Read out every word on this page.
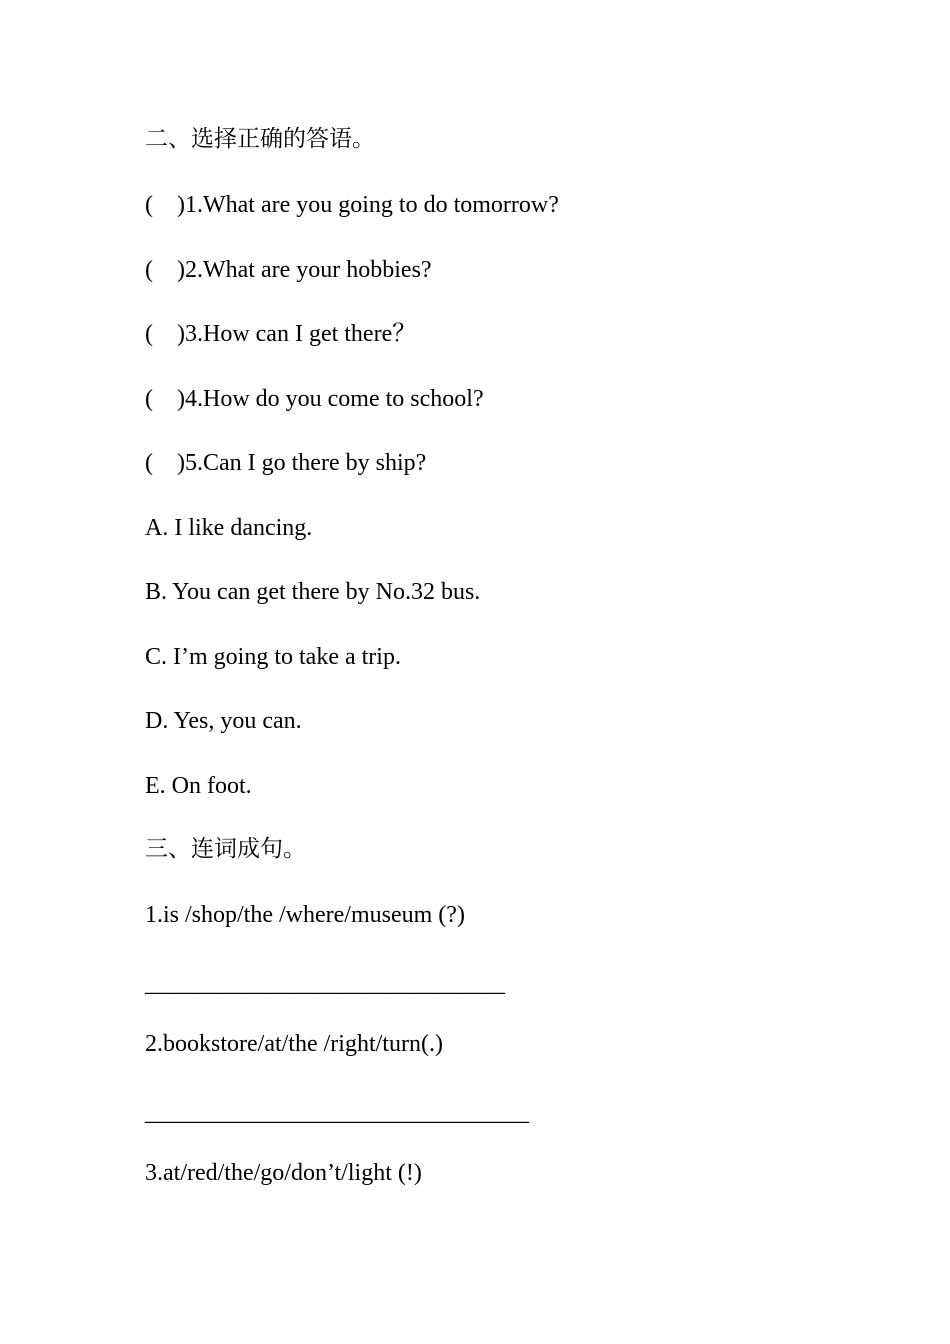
二、选择正确的答语。
(    )1.What are you going to do tomorrow?
(    )2.What are your hobbies?
(    )3.How can I get there？
(    )4.How do you come to school?
(    )5.Can I go there by ship?
A. I like dancing.
B. You can get there by No.32 bus.
C. I’m going to take a trip.
D. Yes, you can.
E. On foot.
三、连词成句。
1.is /shop/the /where/museum (?)
______________________________
2.bookstore/at/the /right/turn(.)
________________________________
3.at/red/the/go/don’t/light (!)
